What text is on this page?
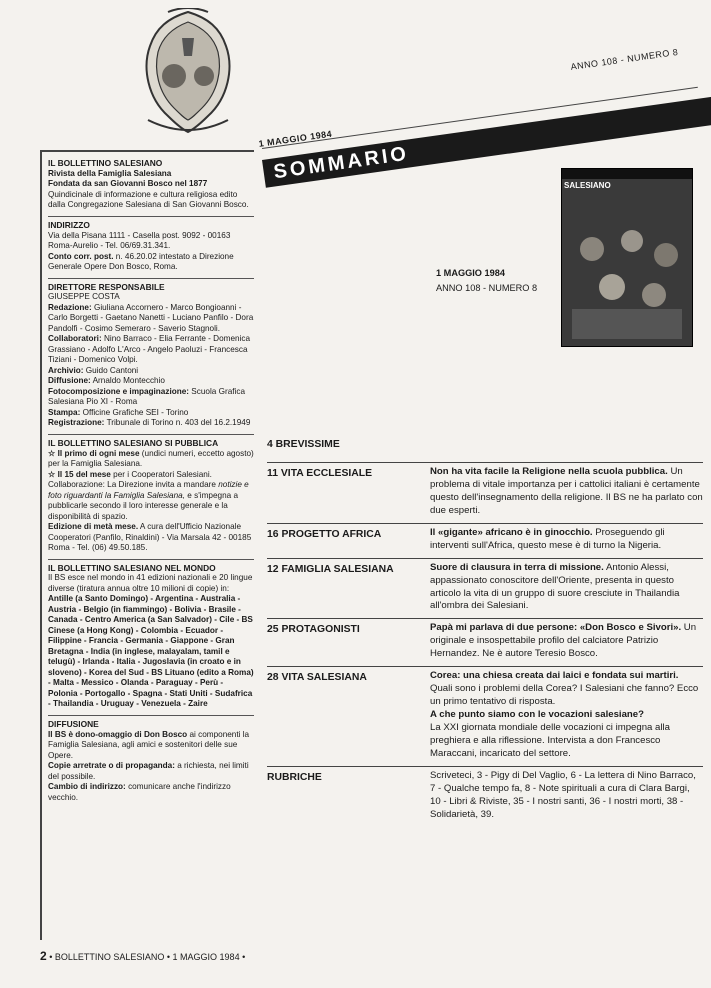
ANNO 108 - NUMERO 8
1 MAGGIO 1984
SOMMARIO
SALESIANO
1 MAGGIO 1984
ANNO 108 - NUMERO 8

IL BOLLETTINO SALESIANO

Rivista della Famiglia Salesiana

Fondata da san Giovanni Bosco nel 1877

Quindicinale di informazione e cultura religiosa edito dalla Congregazione Salesiana di San Giovanni Bosco.

INDIRIZZO

Via della Pisana 1111 - Casella post. 9092 - 00163 Roma-Aurelio - Tel. 06/69.31.341.

Conto corr. post. n. 46.20.02 intestato a Direzione Generale Opere Don Bosco, Roma.

DIRETTORE RESPONSABILE

GIUSEPPE COSTA

Redazione: Giuliana Accornero - Marco Bongioanni - Carlo Borgetti - Gaetano Nanetti - Luciano Panfilo - Dora Pandolfi - Cosimo Semeraro - Saverio Stagnoli.

Collaboratori: Nino Barraco - Elia Ferrante - Domenica Grassiano - Adolfo L'Arco - Angelo Paoluzi - Francesca Tiziani - Domenico Volpi.

Archivio: Guido Cantoni

Diffusione: Arnaldo Montecchio

Fotocomposizione e impaginazione: Scuola Grafica Salesiana Pio XI - Roma

Stampa: Officine Grafiche SEI - Torino

Registrazione: Tribunale di Torino n. 403 del 16.2.1949

IL BOLLETTINO SALESIANO SI PUBBLICA

☆ Il primo di ogni mese (undici numeri, eccetto agosto) per la Famiglia Salesiana.

☆ Il 15 del mese per i Cooperatori Salesiani.

Collaborazione: La Direzione invita a mandare notizie e foto riguardanti la Famiglia Salesiana, e s'impegna a pubblicarle secondo il loro interesse generale e la disponibilità di spazio.

Edizione di metà mese. A cura dell'Ufficio Nazionale Cooperatori (Panfilo, Rinaldini) - Via Marsala 42 - 00185 Roma - Tel. (06) 49.50.185.

IL BOLLETTINO SALESIANO NEL MONDO

Il BS esce nel mondo in 41 edizioni nazionali e 20 lingue diverse (tiratura annua oltre 10 milioni di copie) in: Antille (a Santo Domingo) - Argentina - Australia - Austria - Belgio (in fiammingo) - Bolivia - Brasile - Canada - Centro America (a San Salvador) - Cile - BS Cinese (a Hong Kong) - Colombia - Ecuador - Filippine - Francia - Germania - Giappone - Gran Bretagna - India (in inglese, malayalam, tamil e telugù) - Irlanda - Italia - Jugoslavia (in croato e in sloveno) - Korea del Sud - BS Lituano (edito a Roma) - Malta - Messico - Olanda - Paraguay - Perù - Polonia - Portogallo - Spagna - Stati Uniti - Sudafrica - Thailandia - Uruguay - Venezuela - Zaire

DIFFUSIONE

Il BS è dono-omaggio di Don Bosco ai componenti la Famiglia Salesiana, agli amici e sostenitori delle sue Opere.

Copie arretrate o di propaganda: a richiesta, nei limiti del possibile.

Cambio di indirizzo: comunicare anche l'indirizzo vecchio.

4 BREVISSIME
11 VITA ECCLESIALE	Non ha vita facile la Religione nella scuola pubblica. Un problema di vitale importanza per i cattolici italiani è certamente questo dell'insegnamento della religione. Il BS ne ha parlato con due esperti.

16 PROGETTO AFRICA	Il «gigante» africano è in ginocchio. Proseguendo gli interventi sull'Africa, questo mese è di turno la Nigeria.

12 FAMIGLIA SALESIANA	Suore di clausura in terra di missione. Antonio Alessi, appassionato conoscitore dell'Oriente, presenta in questo articolo la vita di un gruppo di suore cresciute in Thailandia all'ombra dei Salesiani.

25 PROTAGONISTI	Papà mi parlava di due persone: «Don Bosco e Sivori». Un originale e insospettabile profilo del calciatore Patrizio Hernandez. Ne è autore Teresio Bosco.

28 VITA SALESIANA	Corea: una chiesa creata dai laici e fondata sui martiri. Quali sono i problemi della Corea? I Salesiani che fanno? Ecco un primo tentativo di risposta.

A che punto siamo con le vocazioni salesiane?

La XXI giornata mondiale delle vocazioni ci impegna alla preghiera e alla riflessione. Intervista a don Francesco Maraccani, incaricato del settore.

RUBRICHE	Scriveteci, 3 - Pigy di Del Vaglio, 6 - La lettera di Nino Barraco, 7 - Qualche tempo fa, 8 - Note spirituali a cura di Clara Bargi, 10 - Libri & Riviste, 35 - I nostri santi, 36 - I nostri morti, 38 - Solidarietà, 39.

2 • BOLLETTINO SALESIANO • 1 MAGGIO 1984 •
